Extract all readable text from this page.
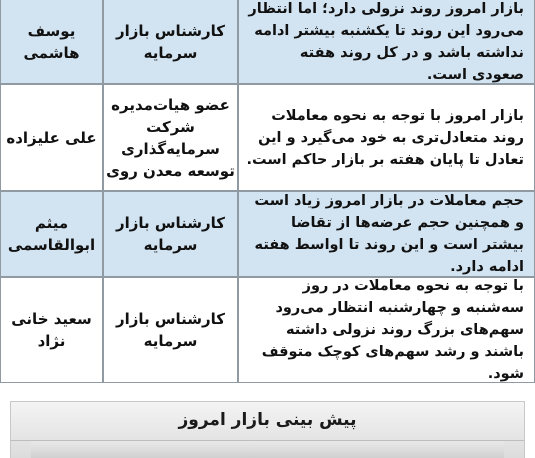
یوسف هاشمی
کارشناس بازار سرمایه
بازار امروز روند نزولی دارد؛ اما انتظار می‌رود این روند تا یکشنبه بیشتر ادامه نداشته باشد و در کل روند هفته صعودی است.
علی علیزاده
عضو هیات‌مدیره شرکت سرمایه‌گذاری توسعه معدن روی
بازار امروز با توجه به نحوه معاملات روند متعادل‌تری به خود می‌گیرد و این تعادل تا پایان هفته بر بازار حاکم است.
میثم ابوالقاسمی
کارشناس بازار سرمایه
حجم معاملات در بازار امروز زیاد است و همچنین حجم عرضه‌ها از تقاضا بیشتر است و این روند تا اواسط هفته ادامه دارد.
سعید خانی نژاد
کارشناس بازار سرمایه
با توجه به نحوه معاملات در روز سه‌شنبه و چهارشنبه انتظار می‌رود سهم‌های بزرگ روند نزولی داشته باشند و رشد سهم‌های کوچک متوقف شود.
پیش بینی بازار امروز
